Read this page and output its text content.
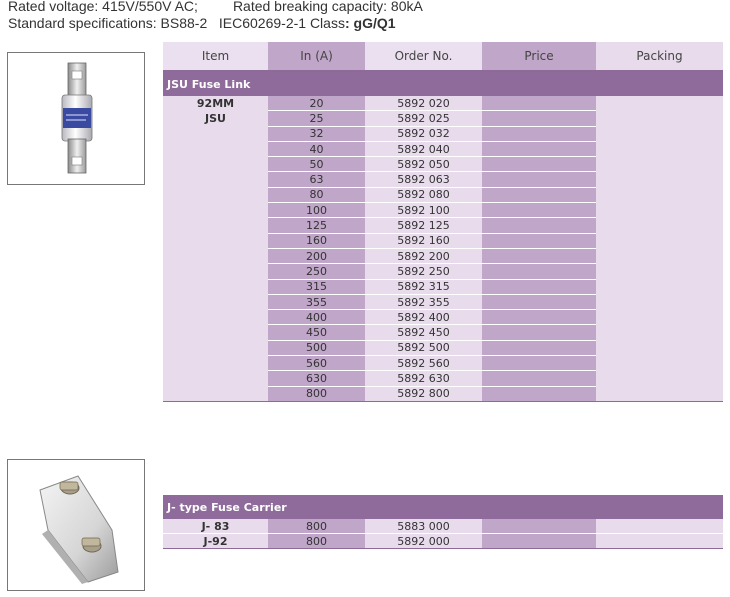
Rated voltage: 415V/550V AC;	Rated breaking capacity: 80kA
Standard specifications: BS88-2   IEC60269-2-1 Class: gG/Q1
Item	In (A)	Order No.	Price	Packing
JSU Fuse Link				
92MM	20	5892 020		
JSU	25	5892 025		
	32	5892 032		
	40	5892 040		
	50	5892 050		
	63	5892 063		
	80	5892 080		
	100	5892 100		
	125	5892 125		
	160	5892 160		
	200	5892 200		
	250	5892 250		
	315	5892 315		
	355	5892 355		
	400	5892 400		
	450	5892 450		
	500	5892 500		
	560	5892 560		
	630	5892 630		
	800	5892 800		
J- type Fuse Carrier				
J- 83	800	5883 000		
J-92	800	5892 000		
